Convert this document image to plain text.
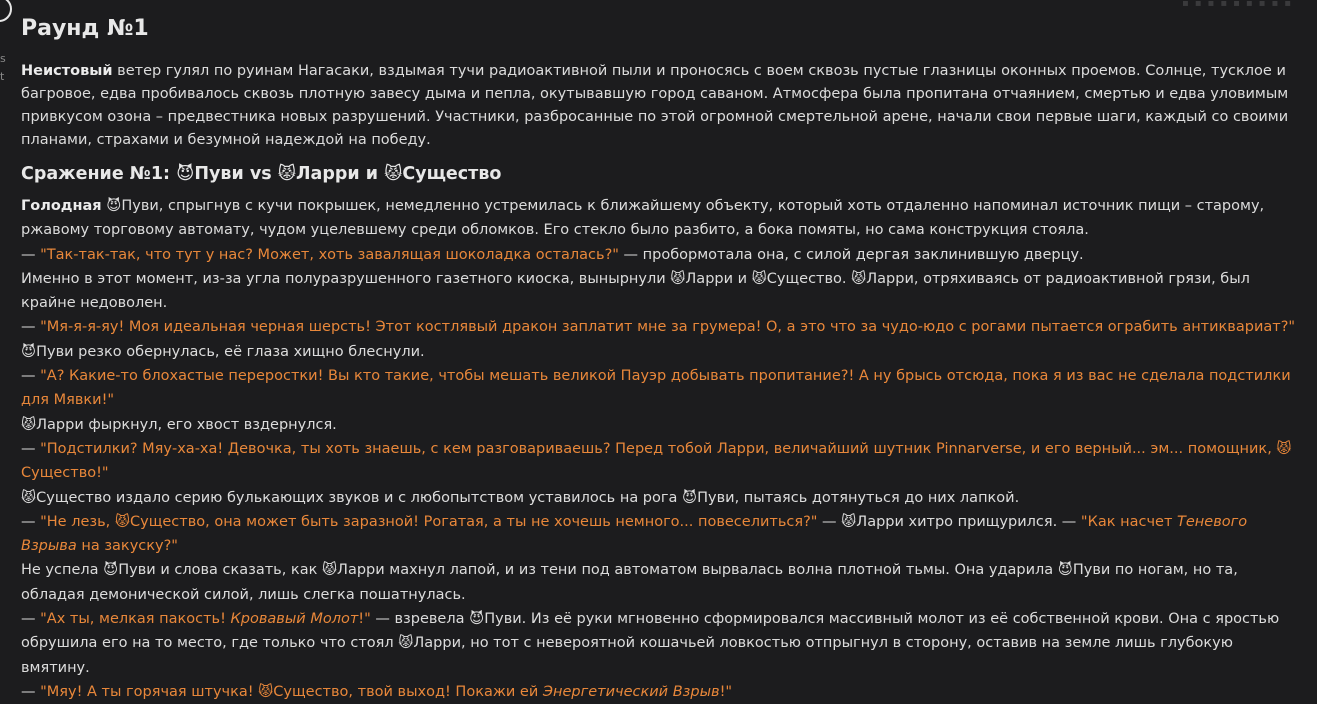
▪▪▪▪▪▪▪▪▪
s
t
Раунд №1

Неистовый ветер гулял по руинам Нагасаки, вздымая тучи радиоактивной пыли и проносясь с воем сквозь пустые глазницы оконных проемов. Солнце, тусклое и багровое, едва пробивалось сквозь плотную завесу дыма и пепла, окутывавшую город саваном. Атмосфера была пропитана отчаянием, смертью и едва уловимым привкусом озона – предвестника новых разрушений. Участники, разбросанные по этой огромной смертельной арене, начали свои первые шаги, каждый со своими планами, страхами и безумной надеждой на победу.

Сражение №1: 😈Пуви vs 😾Ларри и 😾Существо
Голодная 😈Пуви, спрыгнув с кучи покрышек, немедленно устремилась к ближайшему объекту, который хоть отдаленно напоминал источник пищи – старому, ржавому торговому автомату, чудом уцелевшему среди обломков. Его стекло было разбито, а бока помяты, но сама конструкция стояла.
— "Так-так-так, что тут у нас? Может, хоть завалящая шоколадка осталась?" — пробормотала она, с силой дергая заклинившую дверцу.
Именно в этот момент, из-за угла полуразрушенного газетного киоска, вынырнули 😾Ларри и 😾Существо. 😾Ларри, отряхиваясь от радиоактивной грязи, был крайне недоволен.
— "Мя-я-я-яу! Моя идеальная черная шерсть! Этот костлявый дракон заплатит мне за грумера! О, а это что за чудо-юдо с рогами пытается ограбить антиквариат?"
😈Пуви резко обернулась, её глаза хищно блеснули.
— "А? Какие-то блохастые переростки! Вы кто такие, чтобы мешать великой Пауэр добывать пропитание?! А ну брысь отсюда, пока я из вас не сделала подстилки для Мявки!"
😾Ларри фыркнул, его хвост вздернулся.
— "Подстилки? Мяу-ха-ха! Девочка, ты хоть знаешь, с кем разговариваешь? Перед тобой Ларри, величайший шутник Pinnarverse, и его верный... эм... помощник, 😾Существо!"
😾Существо издало серию булькающих звуков и с любопытством уставилось на рога 😈Пуви, пытаясь дотянуться до них лапкой.
— "Не лезь, 😾Существо, она может быть заразной! Рогатая, а ты не хочешь немного... повеселиться?" — 😾Ларри хитро прищурился. — "Как насчет Теневого Взрыва на закуску?"
Не успела 😈Пуви и слова сказать, как 😾Ларри махнул лапой, и из тени под автоматом вырвалась волна плотной тьмы. Она ударила 😈Пуви по ногам, но та, обладая демонической силой, лишь слегка пошатнулась.
— "Ах ты, мелкая пакость! Кровавый Молот!" — взревела 😈Пуви. Из её руки мгновенно сформировался массивный молот из её собственной крови. Она с яростью обрушила его на то место, где только что стоял 😾Ларри, но тот с невероятной кошачьей ловкостью отпрыгнул в сторону, оставив на земле лишь глубокую вмятину.
— "Мяу! А ты горячая штучка! 😾Существо, твой выход! Покажи ей Энергетический Взрыв!"
